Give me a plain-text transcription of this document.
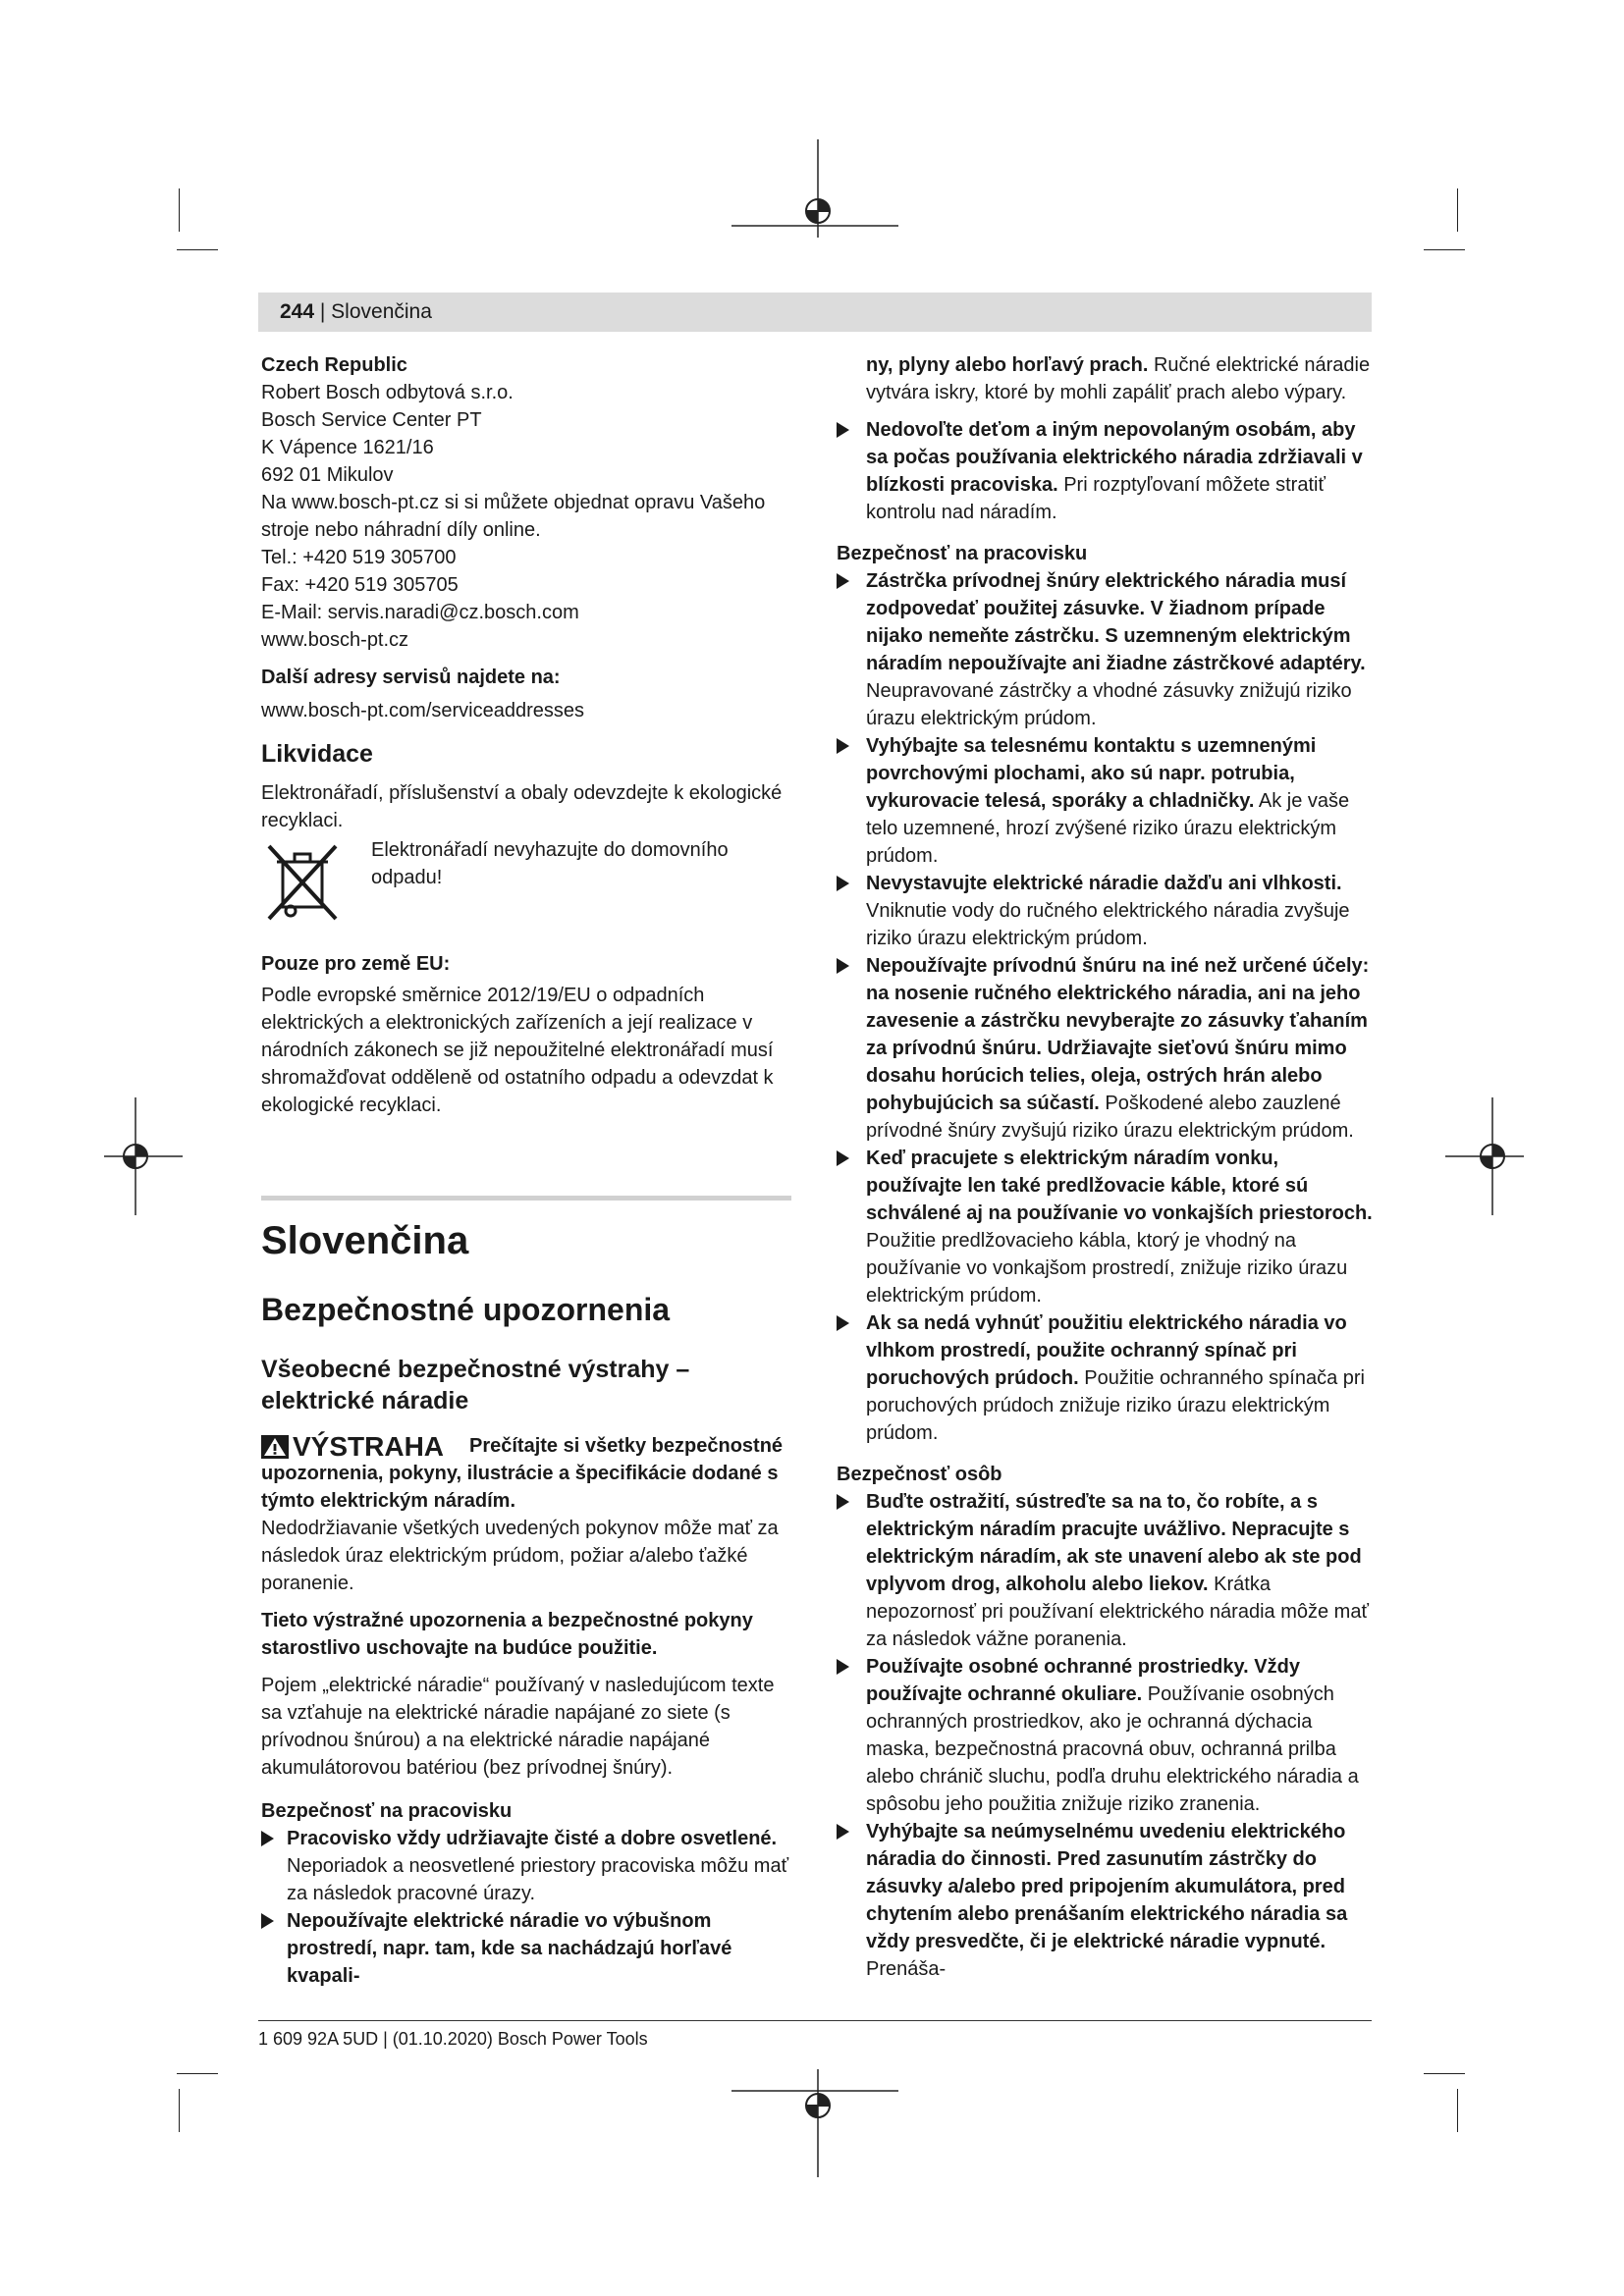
244 | Slovenčina

Czech Republic

Robert Bosch odbytová s.r.o.

Bosch Service Center PT

K Vápence 1621/16

692 01 Mikulov

Na www.bosch-pt.cz si si můžete objednat opravu Vašeho stroje nebo náhradní díly online.

Tel.: +420 519 305700

Fax: +420 519 305705

E-Mail: servis.naradi@cz.bosch.com

www.bosch-pt.cz

Další adresy servisů najdete na:

www.bosch-pt.com/serviceaddresses

Likvidace

Elektronářadí, příslušenství a obaly odevzdejte k ekologické recyklaci.

Elektronářadí nevyhazujte do domovního odpadu!

Pouze pro země EU:

Podle evropské směrnice 2012/19/EU o odpadních elektrických a elektronických zařízeních a její realizace v národních zákonech se již nepoužitelné elektronářadí musí shromažďovat odděleně od ostatního odpadu a odevzdat k ekologické recyklaci.

Slovenčina
Bezpečnostné upozornenia
Všeobecné bezpečnostné výstrahy – elektrické náradie
VÝSTRAHA	Prečítajte si všetky bezpečnostné upozornenia, pokyny, ilustrácie a špecifikácie dodané s týmto elektrickým náradím.

Nedodržiavanie všetkých uvedených pokynov môže mať za následok úraz elektrickým prúdom, požiar a/alebo ťažké poranenie.

Tieto výstražné upozornenia a bezpečnostné pokyny starostlivo uschovajte na budúce použitie.

Pojem „elektrické náradie“ používaný v nasledujúcom texte sa vzťahuje na elektrické náradie napájané zo siete (s prívodnou šnúrou) a na elektrické náradie napájané akumulátorovou batériou (bez prívodnej šnúry).

Bezpečnosť na pracovisku

Pracovisko vždy udržiavajte čisté a dobre osvetlené. Neporiadok a neosvetlené priestory pracoviska môžu mať za následok pracovné úrazy.

Nepoužívajte elektrické náradie vo výbušnom prostredí, napr. tam, kde sa nachádzajú horľavé kvapali-

ny, plyny alebo horľavý prach. Ručné elektrické náradie vytvára iskry, ktoré by mohli zapáliť prach alebo výpary.

Nedovoľte deťom a iným nepovolaným osobám, aby sa počas používania elektrického náradia zdržiavali v blízkosti pracoviska. Pri rozptyľovaní môžete stratiť kontrolu nad náradím.

Bezpečnosť na pracovisku

Zástrčka prívodnej šnúry elektrického náradia musí zodpovedať použitej zásuvke. V žiadnom prípade nijako nemeňte zástrčku. S uzemneným elektrickým náradím nepoužívajte ani žiadne zástrčkové adaptéry. Neupravované zástrčky a vhodné zásuvky znižujú riziko úrazu elektrickým prúdom.

Vyhýbajte sa telesnému kontaktu s uzemnenými povrchovými plochami, ako sú napr. potrubia, vykurovacie telesá, sporáky a chladničky. Ak je vaše telo uzemnené, hrozí zvýšené riziko úrazu elektrickým prúdom.

Nevystavujte elektrické náradie dažďu ani vlhkosti. Vniknutie vody do ručného elektrického náradia zvyšuje riziko úrazu elektrickým prúdom.

Nepoužívajte prívodnú šnúru na iné než určené účely: na nosenie ručného elektrického náradia, ani na jeho zavesenie a zástrčku nevyberajte zo zásuvky ťahaním za prívodnú šnúru. Udržiavajte sieťovú šnúru mimo dosahu horúcich telies, oleja, ostrých hrán alebo pohybujúcich sa súčastí. Poškodené alebo zauzlené prívodné šnúry zvyšujú riziko úrazu elektrickým prúdom.

Keď pracujete s elektrickým náradím vonku, používajte len také predlžovacie káble, ktoré sú schválené aj na používanie vo vonkajších priestoroch. Použitie predlžovacieho kábla, ktorý je vhodný na používanie vo vonkajšom prostredí, znižuje riziko úrazu elektrickým prúdom.

Ak sa nedá vyhnúť použitiu elektrického náradia vo vlhkom prostredí, použite ochranný spínač pri poruchových prúdoch. Použitie ochranného spínača pri poruchových prúdoch znižuje riziko úrazu elektrickým prúdom.

Bezpečnosť osôb

Buďte ostražití, sústreďte sa na to, čo robíte, a s elektrickým náradím pracujte uvážlivo. Nepracujte s elektrickým náradím, ak ste unavení alebo ak ste pod vplyvom drog, alkoholu alebo liekov. Krátka nepozornosť pri používaní elektrického náradia môže mať za následok vážne poranenia.

Používajte osobné ochranné prostriedky. Vždy používajte ochranné okuliare. Používanie osobných ochranných prostriedkov, ako je ochranná dýchacia maska, bezpečnostná pracovná obuv, ochranná prilba alebo chránič sluchu, podľa druhu elektrického náradia a spôsobu jeho použitia znižuje riziko zranenia.

Vyhýbajte sa neúmyselnému uvedeniu elektrického náradia do činnosti. Pred zasunutím zástrčky do zásuvky a/alebo pred pripojením akumulátora, pred chytením alebo prenášaním elektrického náradia sa vždy presvedčte, či je elektrické náradie vypnuté. Prenáša-

1 609 92A 5UD | (01.10.2020) Bosch Power Tools
